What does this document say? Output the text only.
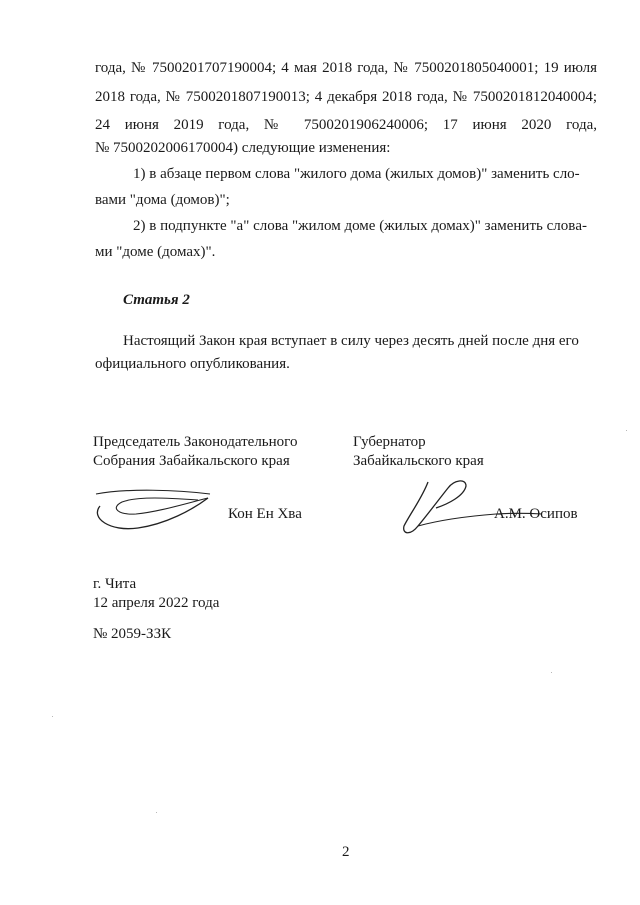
года, № 7500201707190004; 4 мая 2018 года, № 7500201805040001; 19 июля
2018 года, № 7500201807190013; 4 декабря 2018 года, № 7500201812040004;
24 июня 2019 года, № 7500201906240006; 17 июня 2020 года,
№ 7500202006170004) следующие изменения:
1) в абзаце первом слова "жилого дома (жилых домов)" заменить сло-
вами "дома (домов)";
2) в подпункте "а" слова "жилом доме (жилых домах)" заменить словa-
ми "доме (домах)".
Статья 2
Настоящий Закон края вступает в силу через десять дней после дня его
официального опубликования.
Председатель Законодательного
Собрания Забайкальского края
Губернатор
Забайкальского края
Кон Ен Хва	А.М. Осипов
г. Чита
12 апреля 2022 года
№ 2059-ЗЗК
2
